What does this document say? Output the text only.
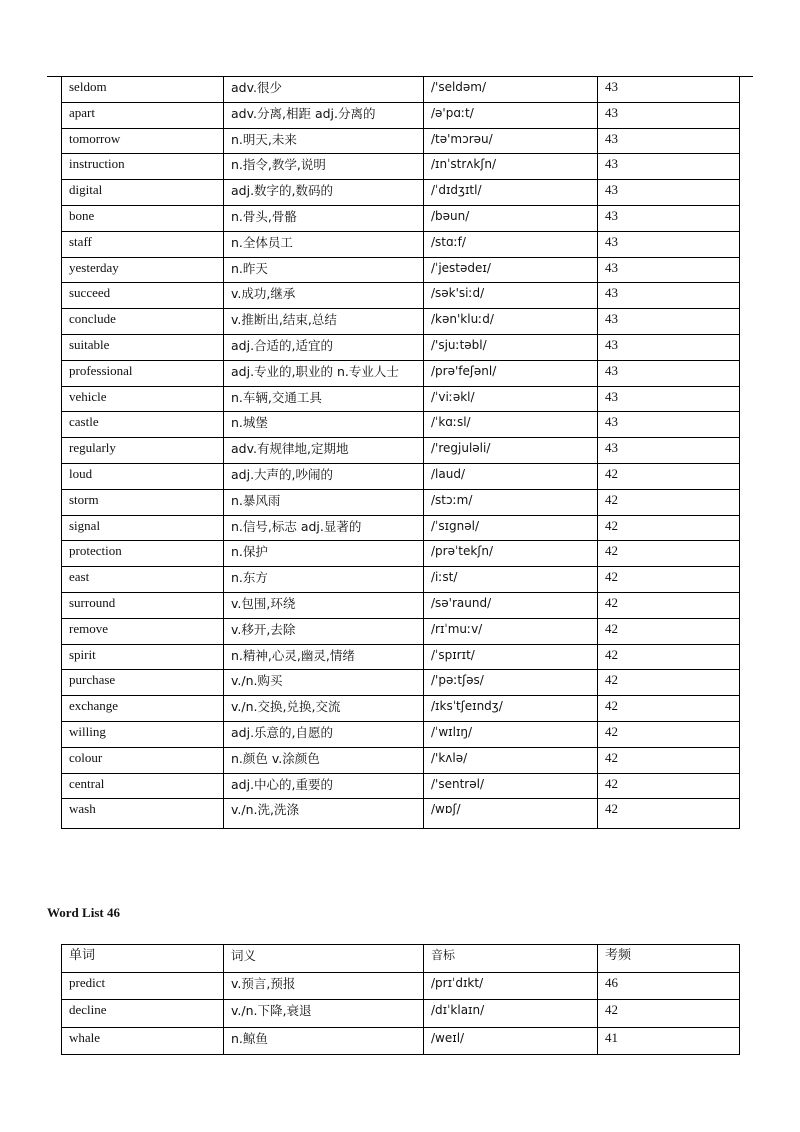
seldom	adv.很少	/'seldəm/	43
apart	adv.分离,相距 adj.分离的	/ə'pɑːt/	43
tomorrow	n.明天,未来	/tə'mɔrəu/	43
instruction	n.指令,教学,说明	/ɪnˈstrʌkʃn/	43
digital	adj.数字的,数码的	/ˈdɪdʒɪtl/	43
bone	n.骨头,骨骼	/bəun/	43
staff	n.全体员工	/stɑːf/	43
yesterday	n.昨天	/ˈjestədeɪ/	43
succeed	v.成功,继承	/sək'siːd/	43
conclude	v.推断出,结束,总结	/kən'kluːd/	43
suitable	adj.合适的,适宜的	/'sjuːtəbl/	43
professional	adj.专业的,职业的 n.专业人士	/prə'feʃənl/	43
vehicle	n.车辆,交通工具	/ˈviːəkl/	43
castle	n.城堡	/ˈkɑːsl/	43
regularly	adv.有规律地,定期地	/'regjuləli/	43
loud	adj.大声的,吵闹的	/laud/	42
storm	n.暴风雨	/stɔːm/	42
signal	n.信号,标志 adj.显著的	/ˈsɪgnəl/	42
protection	n.保护	/prəˈtekʃn/	42
east	n.东方	/iːst/	42
surround	v.包围,环绕	/sə'raund/	42
remove	v.移开,去除	/rɪˈmuːv/	42
spirit	n.精神,心灵,幽灵,情绪	/ˈspɪrɪt/	42
purchase	v./n.购买	/'pəːtʃəs/	42
exchange	v./n.交换,兑换,交流	/ɪksˈtʃeɪndʒ/	42
willing	adj.乐意的,自愿的	/ˈwɪlɪŋ/	42
colour	n.颜色 v.涂颜色	/'kʌlə/	42
central	adj.中心的,重要的	/'sentrəl/	42
wash	v./n.洗,洗涤	/wɒʃ/	42
Word List 46
单词	词义	音标	考频
predict	v.预言,预报	/prɪˈdɪkt/	46
decline	v./n.下降,衰退	/dɪˈklaɪn/	42
whale	n.鲸鱼	/weɪl/	41
